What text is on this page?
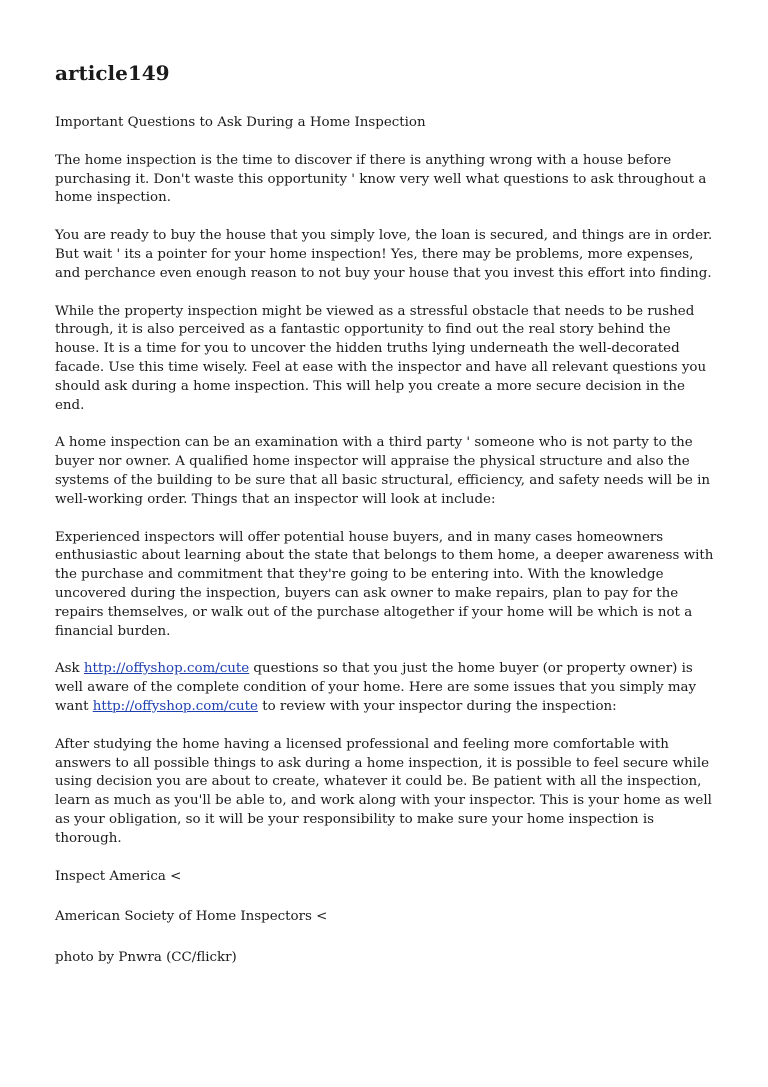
article149

Important Questions to Ask During a Home Inspection

The home inspection is the time to discover if there is anything wrong with a house before purchasing it. Don't waste this opportunity ' know very well what questions to ask throughout a home inspection.

You are ready to buy the house that you simply love, the loan is secured, and things are in order. But wait ' its a pointer for your home inspection! Yes, there may be problems, more expenses, and perchance even enough reason to not buy your house that you invest this effort into finding.

While the property inspection might be viewed as a stressful obstacle that needs to be rushed through, it is also perceived as a fantastic opportunity to find out the real story behind the house. It is a time for you to uncover the hidden truths lying underneath the well-decorated facade. Use this time wisely. Feel at ease with the inspector and have all relevant questions you should ask during a home inspection. This will help you create a more secure decision in the end.

A home inspection can be an examination with a third party ' someone who is not party to the buyer nor owner. A qualified home inspector will appraise the physical structure and also the systems of the building to be sure that all basic structural, efficiency, and safety needs will be in well-working order. Things that an inspector will look at include:

Experienced inspectors will offer potential house buyers, and in many cases homeowners enthusiastic about learning about the state that belongs to them home, a deeper awareness with the purchase and commitment that they're going to be entering into. With the knowledge uncovered during the inspection, buyers can ask owner to make repairs, plan to pay for the repairs themselves, or walk out of the purchase altogether if your home will be which is not a financial burden.

Ask http://offyshop.com/cute questions so that you just the home buyer (or property owner) is well aware of the complete condition of your home. Here are some issues that you simply may want http://offyshop.com/cute to review with your inspector during the inspection:

After studying the home having a licensed professional and feeling more comfortable with answers to all possible things to ask during a home inspection, it is possible to feel secure while using decision you are about to create, whatever it could be. Be patient with all the inspection, learn as much as you'll be able to, and work along with your inspector. This is your home as well as your obligation, so it will be your responsibility to make sure your home inspection is thorough.

Inspect America <

American Society of Home Inspectors <

photo by Pnwra (CC/flickr)
